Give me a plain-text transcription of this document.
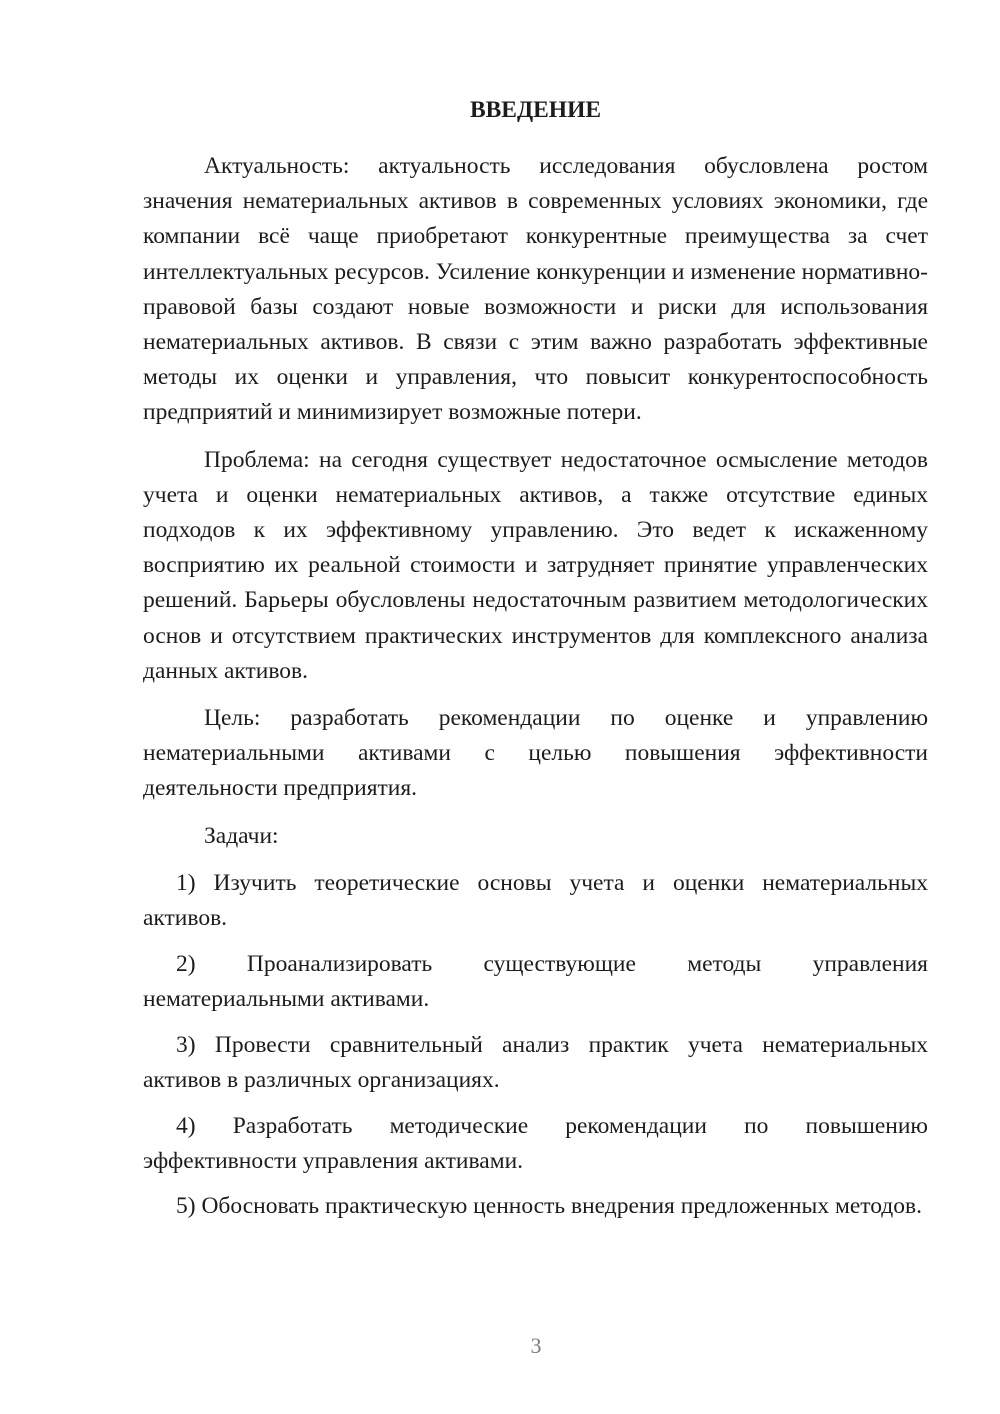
ВВЕДЕНИЕ

Актуальность: актуальность исследования обусловлена ростом значения нематериальных активов в современных условиях экономики, где компании всё чаще приобретают конкурентные преимущества за счет интеллектуальных ресурсов. Усиление конкуренции и изменение нормативно-правовой базы создают новые возможности и риски для использования нематериальных активов. В связи с этим важно разработать эффективные методы их оценки и управления, что повысит конкурентоспособность предприятий и минимизирует возможные потери.

Проблема: на сегодня существует недостаточное осмысление методов учета и оценки нематериальных активов, а также отсутствие единых подходов к их эффективному управлению. Это ведет к искаженному восприятию их реальной стоимости и затрудняет принятие управленческих решений. Барьеры обусловлены недостаточным развитием методологических основ и отсутствием практических инструментов для комплексного анализа данных активов.

Цель: разработать рекомендации по оценке и управлению нематериальными активами с целью повышения эффективности деятельности предприятия.

Задачи:

1) Изучить теоретические основы учета и оценки нематериальных активов.

2) Проанализировать существующие методы управления нематериальными активами.

3) Провести сравнительный анализ практик учета нематериальных активов в различных организациях.

4) Разработать методические рекомендации по повышению эффективности управления активами.

5) Обосновать практическую ценность внедрения предложенных методов.

3
